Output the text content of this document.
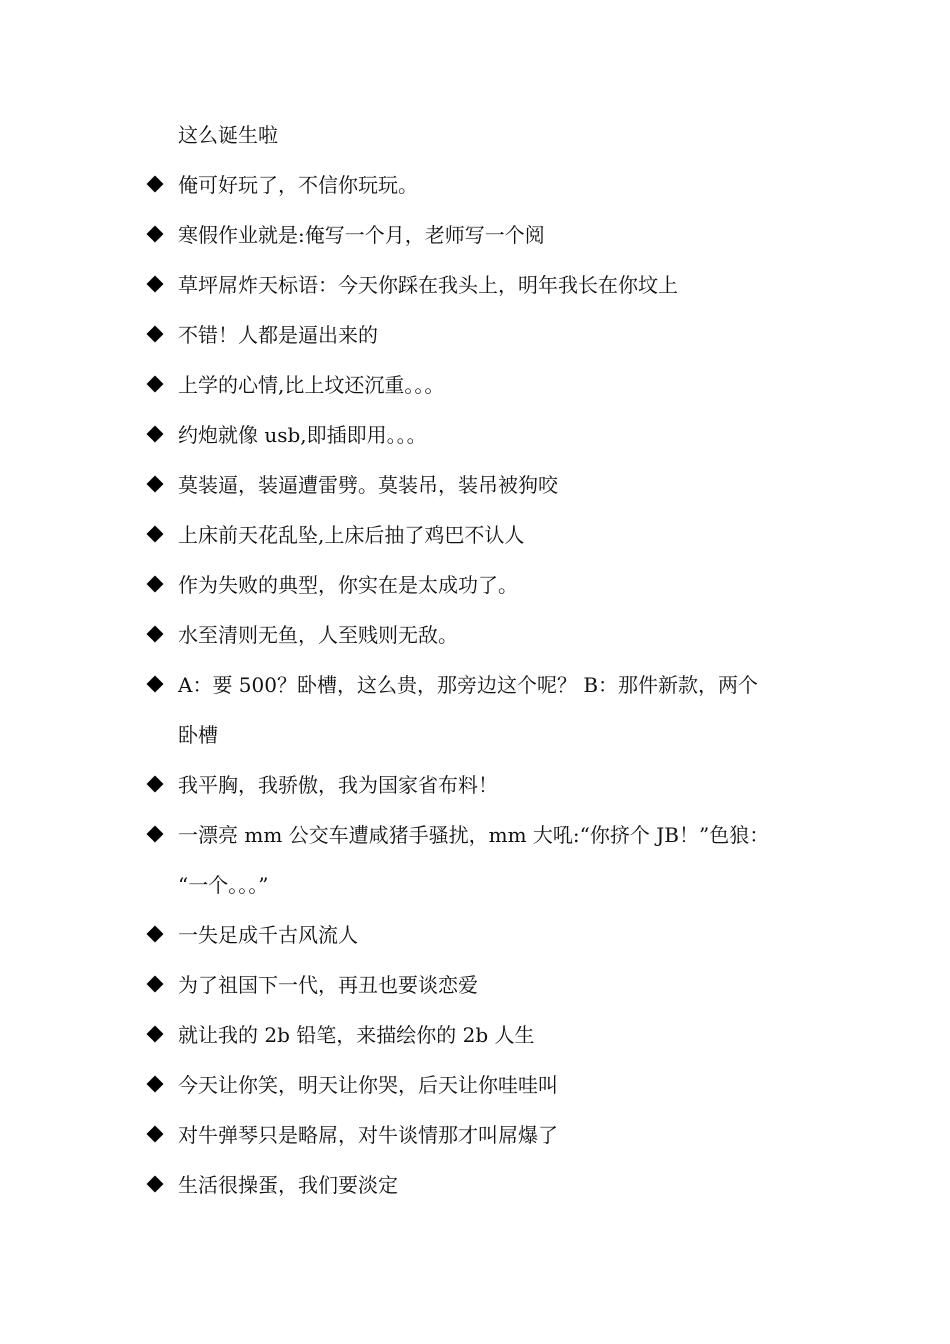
这么诞生啦
俺可好玩了，不信你玩玩。
寒假作业就是:俺写一个月，老师写一个阅
草坪屌炸天标语：今天你踩在我头上，明年我长在你坟上
不错！人都是逼出来的
上学的心情,比上坟还沉重。。。
约炮就像 usb,即插即用。。。
莫装逼，装逼遭雷劈。莫装吊，装吊被狗咬
上床前天花乱坠,上床后抽了鸡巴不认人
作为失败的典型，你实在是太成功了。
水至清则无鱼，人至贱则无敌。
A：要 500？卧槽，这么贵，那旁边这个呢？ B：那件新款，两个
卧槽
我平胸，我骄傲，我为国家省布料！
一漂亮 mm 公交车遭咸猪手骚扰，mm 大吼:“你挤个 JB！”色狼：
“一个。。。”
一失足成千古风流人
为了祖国下一代，再丑也要谈恋爱
就让我的 2b 铅笔，来描绘你的 2b 人生
今天让你笑，明天让你哭，后天让你哇哇叫
对牛弹琴只是略屌，对牛谈情那才叫屌爆了
生活很操蛋，我们要淡定
